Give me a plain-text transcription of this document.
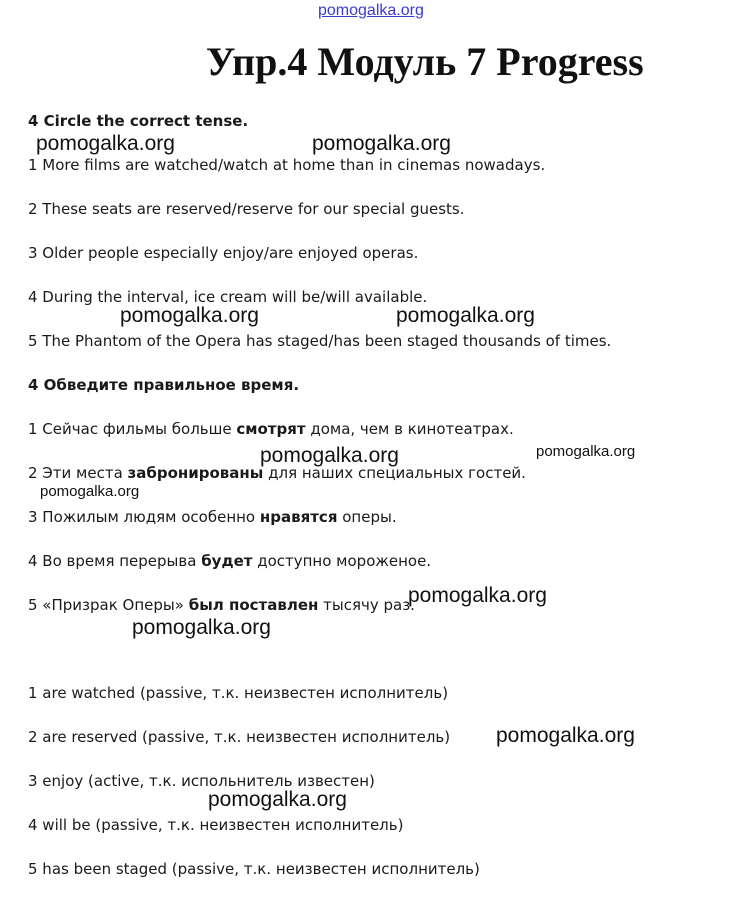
pomogalka.org
Упр.4 Модуль 7 Progress
4 Circle the correct tense.
1 More films are watched/watch at home than in cinemas nowadays.
2 These seats are reserved/reserve for our special guests.
3 Older people especially enjoy/are enjoyed operas.
4 During the interval, ice cream will be/will available.
5 The Phantom of the Opera has staged/has been staged thousands of times.
4 Обведите правильное время.
1 Сейчас фильмы больше смотрят дома, чем в кинотеатрах.
2 Эти места забронированы для наших специальных гостей.
3 Пожилым людям особенно нравятся оперы.
4 Во время перерыва будет доступно мороженое.
5 «Призрак Оперы» был поставлен тысячу раз.
1 are watched (passive, т.к. неизвестен исполнитель)
2 are reserved (passive, т.к. неизвестен исполнитель)
3 enjoy (active, т.к. испольнитель известен)
4 will be (passive, т.к. неизвестен исполнитель)
5 has been staged (passive, т.к. неизвестен исполнитель)
pomogalka.org	pomogalka.org
pomogalka.org	pomogalka.org
pomogalka.org	pomogalka.org
pomogalka.org
pomogalka.org
pomogalka.org
pomogalka.org
pomogalka.org
